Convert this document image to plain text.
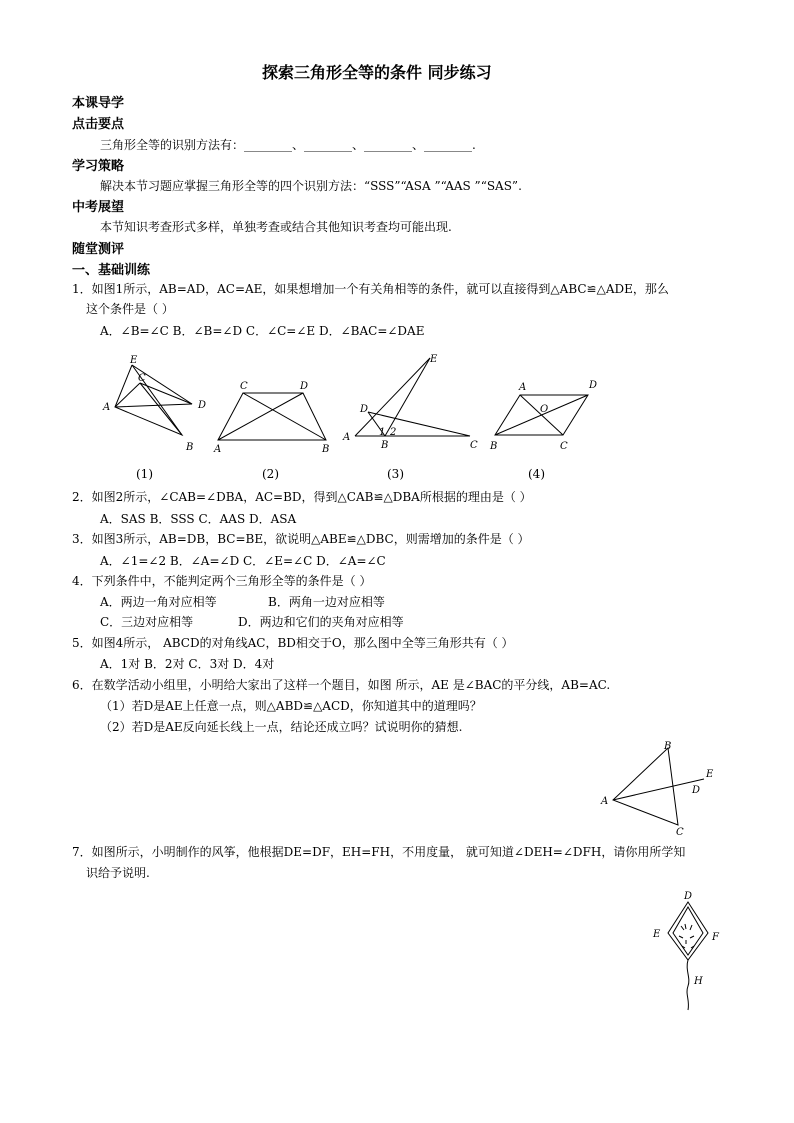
探索三角形全等的条件 同步练习
本课导学
点击要点
三角形全等的识别方法有：________、________、________、________.
学习策略
解决本节习题应掌握三角形全等的四个识别方法：“SSS”“ASA ”“AAS ”“SAS”.
中考展望
本节知识考查形式多样，单独考查或结合其他知识考查均可能出现.
随堂测评
一、基础训练
1．如图1所示，AB=AD，AC=AE，如果想增加一个有关角相等的条件，就可以直接得到△ABC≌△ADE，那么
这个条件是（ ）
A．∠B=∠C B．∠B=∠D C．∠C=∠E D．∠BAC=∠DAE
E
C
A	D
B
C	D
A	B
E
D
A	1 2
B	C
A	D
O
B	C
(1)	(2)	(3)	(4)
2．如图2所示，∠CAB=∠DBA，AC=BD，得到△CAB≌△DBA所根据的理由是（ ）
A．SAS B．SSS C．AAS D．ASA
3．如图3所示，AB=DB，BC=BE，欲说明△ABE≌△DBC，则需增加的条件是（ ）
A．∠1=∠2 B．∠A=∠D C．∠E=∠C D．∠A=∠C
4．下列条件中，不能判定两个三角形全等的条件是（ ）
A．两边一角对应相等	B．两角一边对应相等
C．三边对应相等	D．两边和它们的夹角对应相等
5．如图4所示， ABCD的对角线AC，BD相交于O，那么图中全等三角形共有（ ）
A．1对 B．2对 C．3对 D．4对
6．在数学活动小组里，小明给大家出了这样一个题目，如图 所示，AE 是∠BAC的平分线，AB=AC.
（1）若D是AE上任意一点，则△ABD≌△ACD，你知道其中的道理吗？
（2）若D是AE反向延长线上一点，结论还成立吗？试说明你的猜想.
B
E
D
A
C
7．如图所示，小明制作的风筝，他根据DE=DF，EH=FH，不用度量， 就可知道∠DEH=∠DFH，请你用所学知
识给予说明.
D
E	F
H
